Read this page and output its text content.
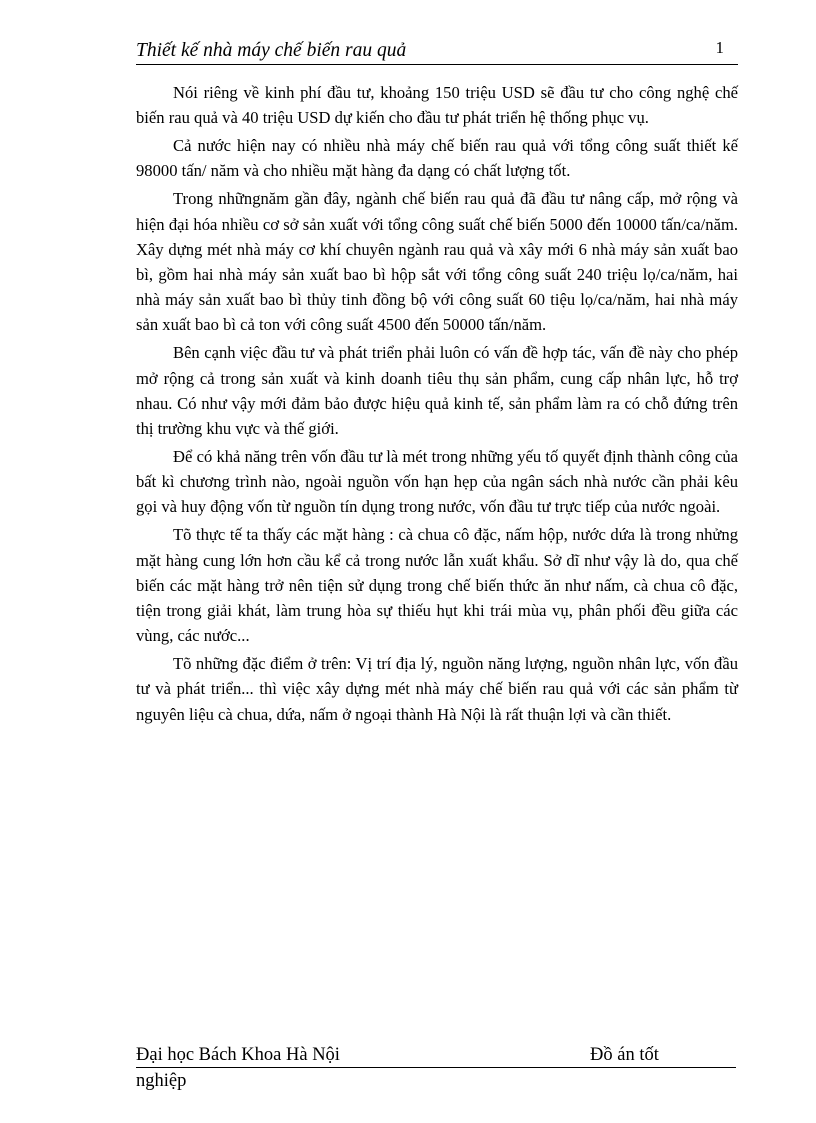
Thiết kế nhà máy chế biến rau quả	1

Nói riêng về kinh phí đầu tư, khoảng 150 triệu USD sẽ đầu tư cho công nghệ chế biến rau quả và 40 triệu USD dự kiến cho đầu tư phát triển hệ thống phục vụ.

Cả nước hiện nay có nhiều nhà máy chế biến rau quả với tổng công suất thiết kế 98000 tấn/ năm và cho nhiều mặt hàng đa dạng có chất lượng tốt.

Trong nhữngnăm gần đây, ngành chế biến rau quả đã đầu tư nâng cấp, mở rộng và hiện đại hóa nhiều cơ sở sản xuất với tổng công suất chế biến 5000 đến 10000 tấn/ca/năm. Xây dựng mét nhà máy cơ khí chuyên ngành rau quả và xây mới 6 nhà máy sản xuất bao bì, gồm hai nhà máy sản xuất bao bì hộp sắt với tổng công suất 240 triệu lọ/ca/năm, hai nhà máy sản xuất bao bì thủy tinh đồng bộ với công suất 60 tiệu lọ/ca/năm, hai nhà máy sản xuất bao bì cả ton với công suất 4500 đến 50000 tấn/năm.

Bên cạnh việc đầu tư và phát triển phải luôn có vấn đề hợp tác, vấn đề này cho phép mở rộng cả trong sản xuất và kinh doanh tiêu thụ sản phẩm, cung cấp nhân lực, hỗ trợ nhau. Có như vậy mới đảm bảo được hiệu quả kinh tế, sản phẩm làm ra có chỗ đứng trên thị trường khu vực và thế giới.

Để có khả năng trên vốn đầu tư là mét trong những yếu tố quyết định thành công của bất kì chương trình nào, ngoài nguồn vốn hạn hẹp của ngân sách nhà nước cần phải kêu gọi và huy động vốn từ nguồn tín dụng trong nước, vốn đầu tư trực tiếp của nước ngoài.

Tõ thực tế ta thấy các mặt hàng : cà chua cô đặc, nấm hộp, nước dứa là trong nhửng mặt hàng cung lớn hơn cầu kể cả trong nước lẫn xuất khẩu. Sở dĩ như vậy là do, qua chế biến các mặt hàng trở nên tiện sử dụng trong chế biến thức ăn như nấm, cà chua cô đặc, tiện trong giải khát, làm trung hòa sự thiếu hụt khi trái mùa vụ, phân phối đều giữa các vùng, các nước...

Tõ những đặc điểm ở trên: Vị trí địa lý, nguồn năng lượng, nguồn nhân lực, vốn đầu tư và phát triển... thì việc xây dựng mét nhà máy chế biến rau quả với các sản phẩm từ nguyên liệu cà chua, dứa, nấm ở ngoại thành Hà Nội là rất thuận lợi và cần thiết.

Đại học Bách Khoa Hà Nội	Đồ án tốt
nghiệp
